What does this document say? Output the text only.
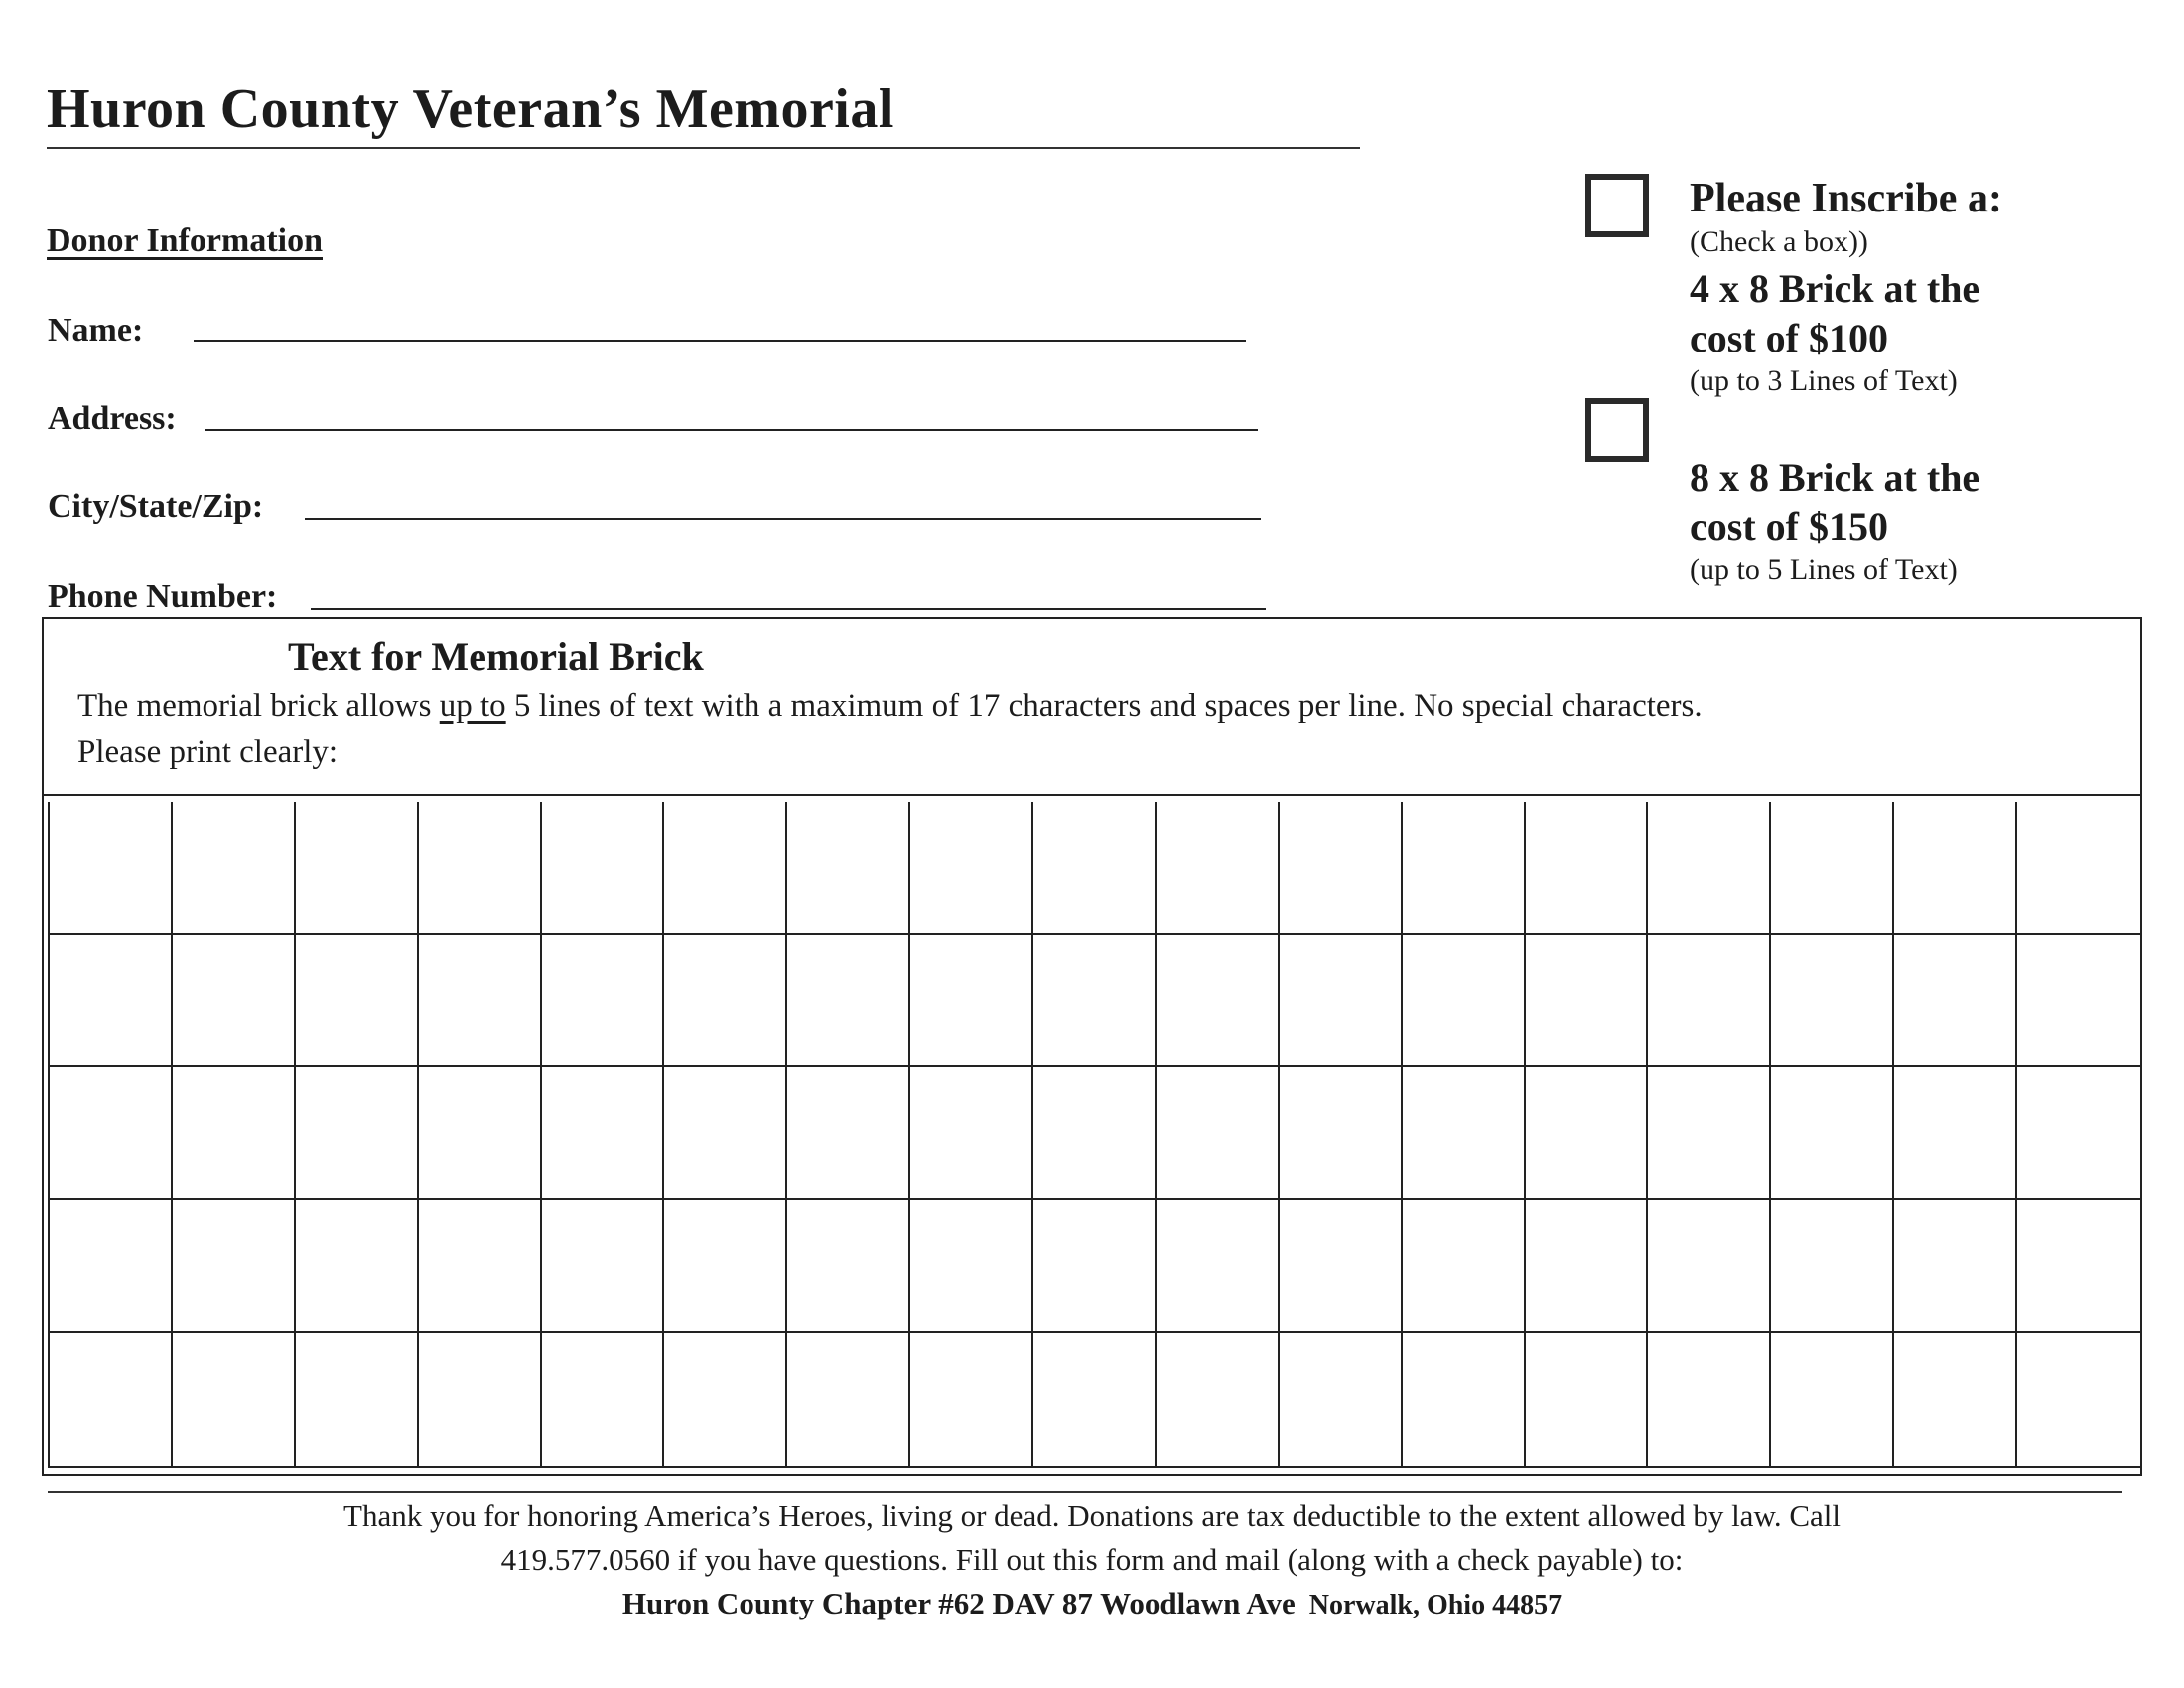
Huron County Veteran’s Memorial
Donor Information
Name:
Address:
City/State/Zip:
Phone Number:
Please Inscribe a:
(Check a box))
4 x 8 Brick at the
cost of $100
(up to 3 Lines of Text)
8 x 8 Brick at the
cost of $150
(up to 5 Lines of Text)
Text for Memorial Brick
The memorial brick allows up to 5 lines of text with a maximum of 17 characters and spaces per line. No special characters.
Please print clearly:
Thank you for honoring America’s Heroes, living or dead. Donations are tax deductible to the extent allowed by law. Call
419.577.0560 if you have questions. Fill out this form and mail (along with a check payable) to:
Huron County Chapter #62 DAV 87 Woodlawn Ave Norwalk, Ohio 44857
